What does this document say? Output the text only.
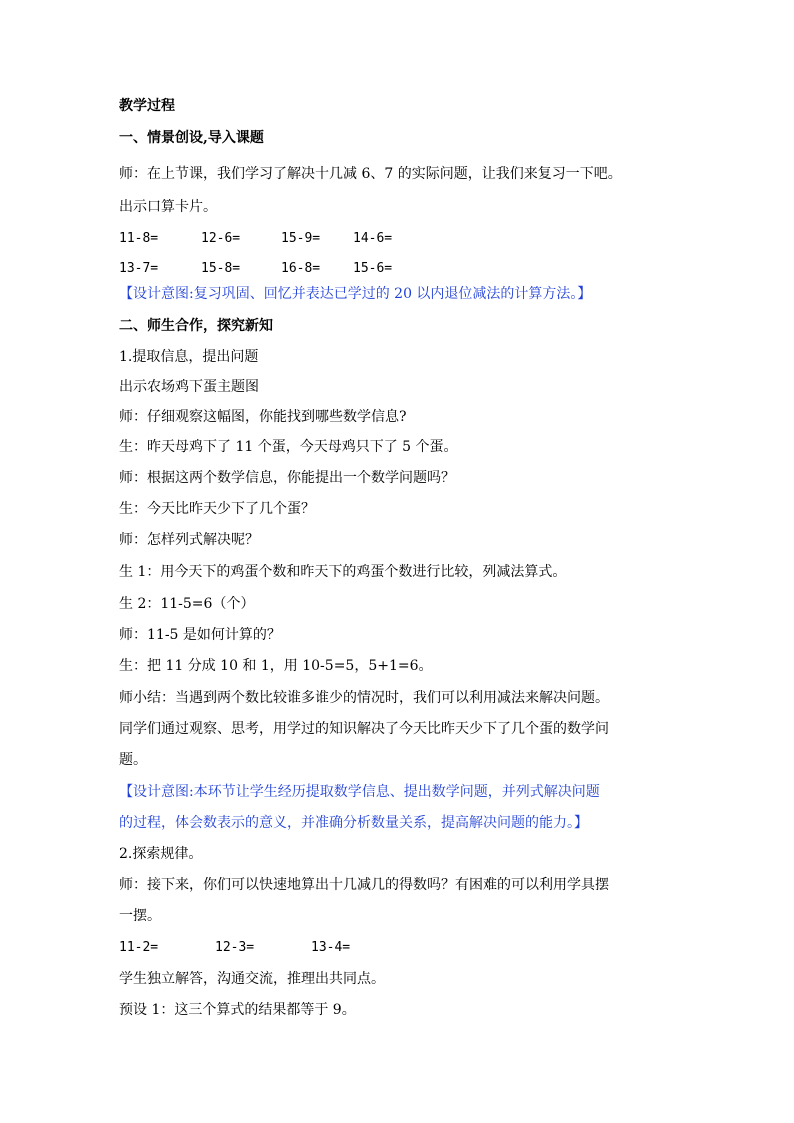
教学过程
一、情景创设,导入课题
师：在上节课，我们学习了解决十几减 6、7 的实际问题，让我们来复习一下吧。
出示口算卡片。
11-8=	12-6=	15-9=	14-6=
13-7=	15-8=	16-8=	15-6=
【设计意图:复习巩固、回忆并表达已学过的 20 以内退位减法的计算方法。】
二、师生合作，探究新知
1.提取信息，提出问题
出示农场鸡下蛋主题图
师：仔细观察这幅图，你能找到哪些数学信息?
生：昨天母鸡下了 11 个蛋，今天母鸡只下了 5 个蛋。
师：根据这两个数学信息，你能提出一个数学问题吗？
生：今天比昨天少下了几个蛋？
师：怎样列式解决呢？
生 1：用今天下的鸡蛋个数和昨天下的鸡蛋个数进行比较，列减法算式。
生 2：11-5=6（个）
师：11-5 是如何计算的？
生：把 11 分成 10 和 1，用 10-5=5，5+1=6。
师小结：当遇到两个数比较谁多谁少的情况时，我们可以利用减法来解决问题。
同学们通过观察、思考，用学过的知识解决了今天比昨天少下了几个蛋的数学问
题。
【设计意图:本环节让学生经历提取数学信息、提出数学问题，并列式解决问题
的过程，体会数表示的意义，并准确分析数量关系，提高解决问题的能力。】
2.探索规律。
师：接下来，你们可以快速地算出十几减几的得数吗？有困难的可以利用学具摆
一摆。
11-2=	12-3=	13-4=
学生独立解答，沟通交流，推理出共同点。
预设 1：这三个算式的结果都等于 9。
